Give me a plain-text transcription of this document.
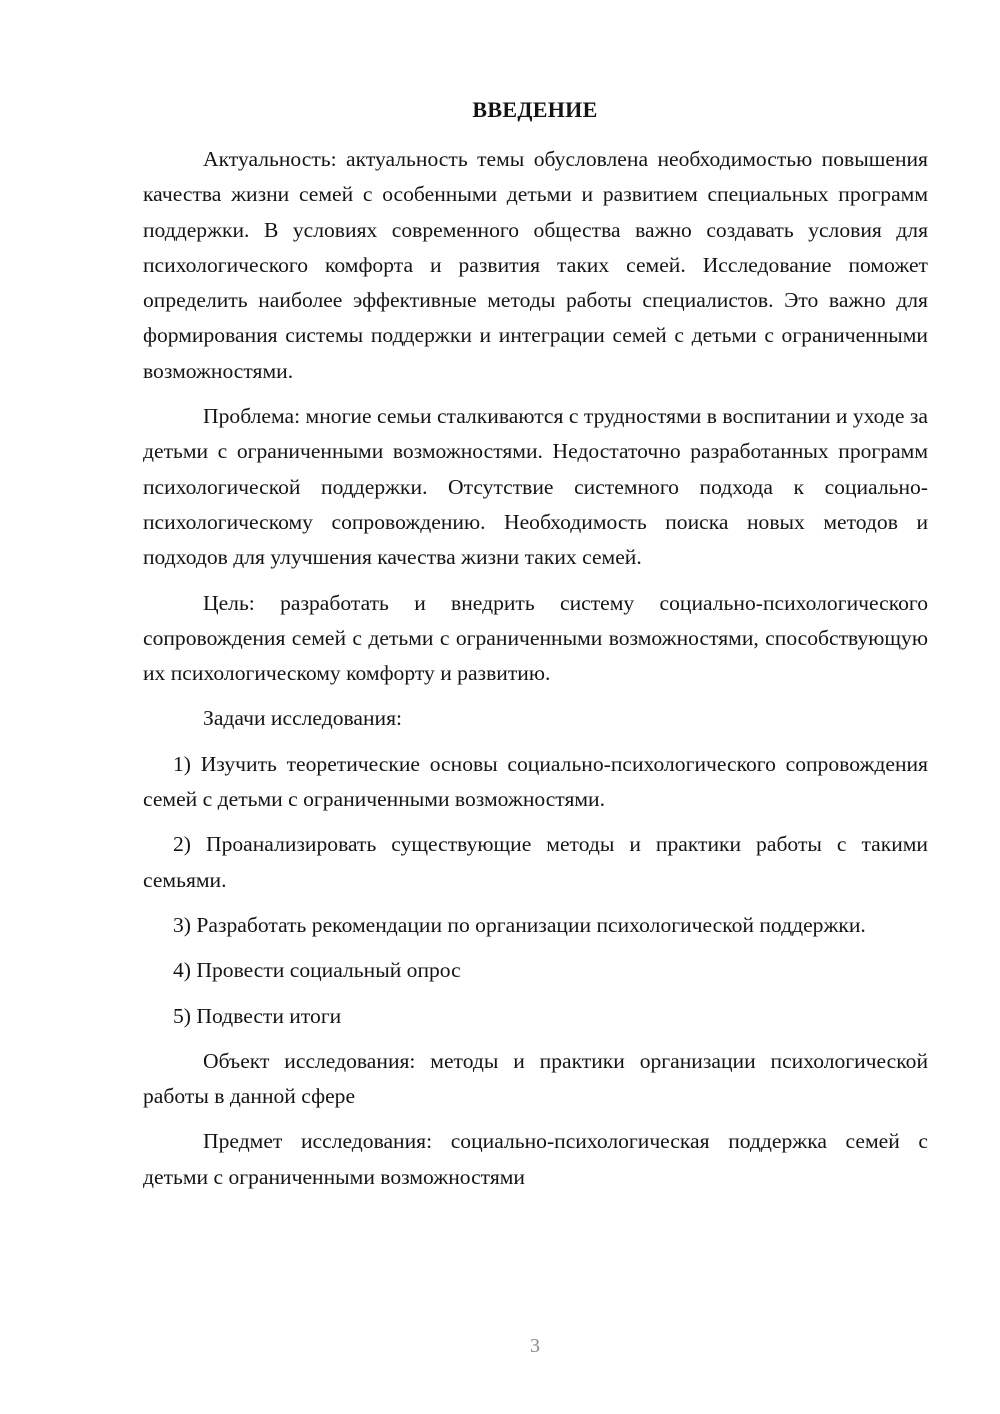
ВВЕДЕНИЕ

Актуальность: актуальность темы обусловлена необходимостью повышения качества жизни семей с особенными детьми и развитием специальных программ поддержки. В условиях современного общества важно создавать условия для психологического комфорта и развития таких семей. Исследование поможет определить наиболее эффективные методы работы специалистов. Это важно для формирования системы поддержки и интеграции семей с детьми с ограниченными возможностями.

Проблема: многие семьи сталкиваются с трудностями в воспитании и уходе за детьми с ограниченными возможностями. Недостаточно разработанных программ психологической поддержки. Отсутствие системного подхода к социально-психологическому сопровождению. Необходимость поиска новых методов и подходов для улучшения качества жизни таких семей.

Цель: разработать и внедрить систему социально-психологического сопровождения семей с детьми с ограниченными возможностями, способствующую их психологическому комфорту и развитию.

Задачи исследования:

1) Изучить теоретические основы социально-психологического сопровождения семей с детьми с ограниченными возможностями.

2) Проанализировать существующие методы и практики работы с такими семьями.

3) Разработать рекомендации по организации психологической поддержки.

4) Провести социальный опрос

5) Подвести итоги

Объект исследования: методы и практики организации психологической работы в данной сфере

Предмет исследования: социально-психологическая поддержка семей с детьми с ограниченными возможностями

3
